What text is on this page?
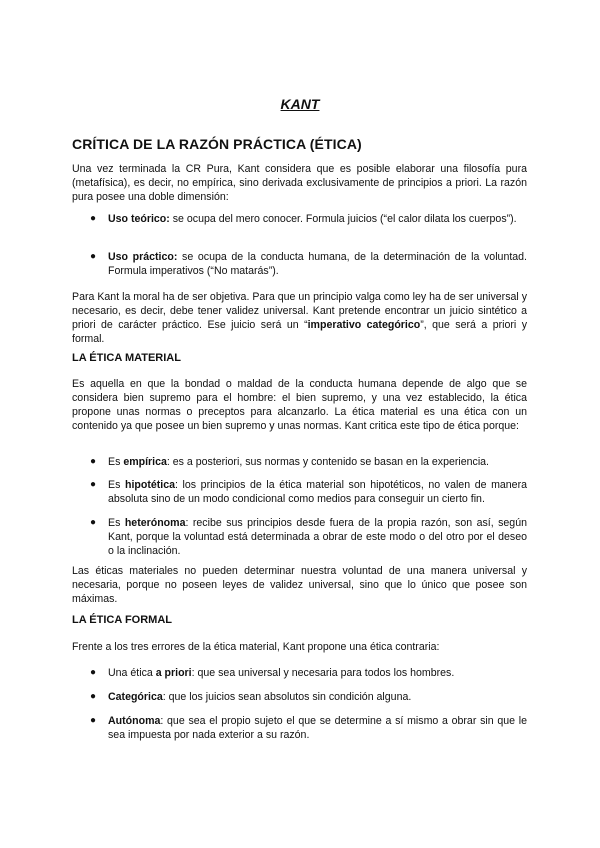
KANT
CRÍTICA DE LA RAZÓN PRÁCTICA (ÉTICA)
Una vez terminada la CR Pura, Kant considera que es posible elaborar una filosofía pura (metafísica), es decir, no empírica, sino derivada exclusivamente de principios a priori. La razón pura posee una doble dimensión:
● Uso teórico: se ocupa del mero conocer. Formula juicios (“el calor dilata los cuerpos”).
● Uso práctico: se ocupa de la conducta humana, de la determinación de la voluntad. Formula imperativos (“No matarás”).
Para Kant la moral ha de ser objetiva. Para que un principio valga como ley ha de ser universal y necesario, es decir, debe tener validez universal. Kant pretende encontrar un juicio sintético a priori de carácter práctico. Ese juicio será un “imperativo categórico”, que será a priori y formal.
LA ÉTICA MATERIAL
Es aquella en que la bondad o maldad de la conducta humana depende de algo que se considera bien supremo para el hombre: el bien supremo, y una vez establecido, la ética propone unas normas o preceptos para alcanzarlo. La ética material es una ética con un contenido ya que posee un bien supremo y unas normas. Kant critica este tipo de ética porque:
● Es empírica: es a posteriori, sus normas y contenido se basan en la experiencia.
● Es hipotética: los principios de la ética material son hipotéticos, no valen de manera absoluta sino de un modo condicional como medios para conseguir un cierto fin.
● Es heterónoma: recibe sus principios desde fuera de la propia razón, son así, según Kant, porque la voluntad está determinada a obrar de este modo o del otro por el deseo o la inclinación.
Las éticas materiales no pueden determinar nuestra voluntad de una manera universal y necesaria, porque no poseen leyes de validez universal, sino que lo único que posee son máximas.
LA ÉTICA FORMAL
Frente a los tres errores de la ética material, Kant propone una ética contraria:
● Una ética a priori: que sea universal y necesaria para todos los hombres.
● Categórica: que los juicios sean absolutos sin condición alguna.
● Autónoma: que sea el propio sujeto el que se determine a sí mismo a obrar sin que le sea impuesta por nada exterior a su razón.
